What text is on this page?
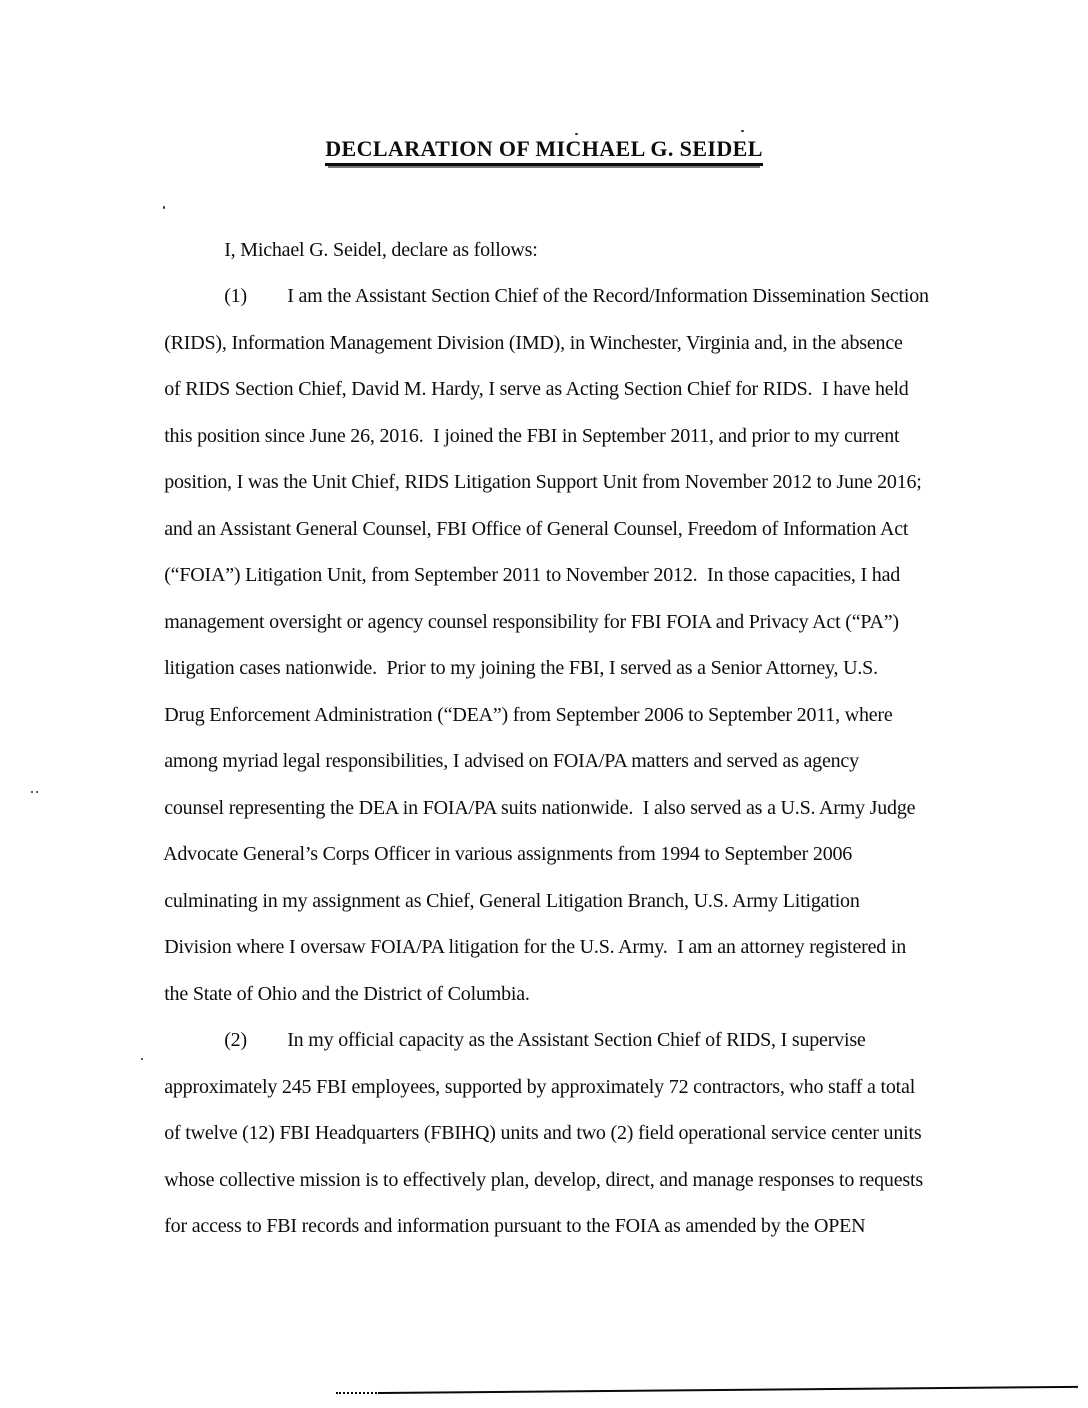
DECLARATION OF MICHAEL G. SEIDEL

I, Michael G. Seidel, declare as follows:

(1) I am the Assistant Section Chief of the Record/Information Dissemination Section

(RIDS), Information Management Division (IMD), in Winchester, Virginia and, in the absence

of RIDS Section Chief, David M. Hardy, I serve as Acting Section Chief for RIDS.  I have held

this position since June 26, 2016.  I joined the FBI in September 2011, and prior to my current

position, I was the Unit Chief, RIDS Litigation Support Unit from November 2012 to June 2016;

and an Assistant General Counsel, FBI Office of General Counsel, Freedom of Information Act

(“FOIA”) Litigation Unit, from September 2011 to November 2012.  In those capacities, I had

management oversight or agency counsel responsibility for FBI FOIA and Privacy Act (“PA”)

litigation cases nationwide.  Prior to my joining the FBI, I served as a Senior Attorney, U.S.

Drug Enforcement Administration (“DEA”) from September 2006 to September 2011, where

among myriad legal responsibilities, I advised on FOIA/PA matters and served as agency

counsel representing the DEA in FOIA/PA suits nationwide.  I also served as a U.S. Army Judge

Advocate General’s Corps Officer in various assignments from 1994 to September 2006

culminating in my assignment as Chief, General Litigation Branch, U.S. Army Litigation

Division where I oversaw FOIA/PA litigation for the U.S. Army.  I am an attorney registered in

the State of Ohio and the District of Columbia.

(2) In my official capacity as the Assistant Section Chief of RIDS, I supervise

approximately 245 FBI employees, supported by approximately 72 contractors, who staff a total

of twelve (12) FBI Headquarters (FBIHQ) units and two (2) field operational service center units

whose collective mission is to effectively plan, develop, direct, and manage responses to requests

for access to FBI records and information pursuant to the FOIA as amended by the OPEN
